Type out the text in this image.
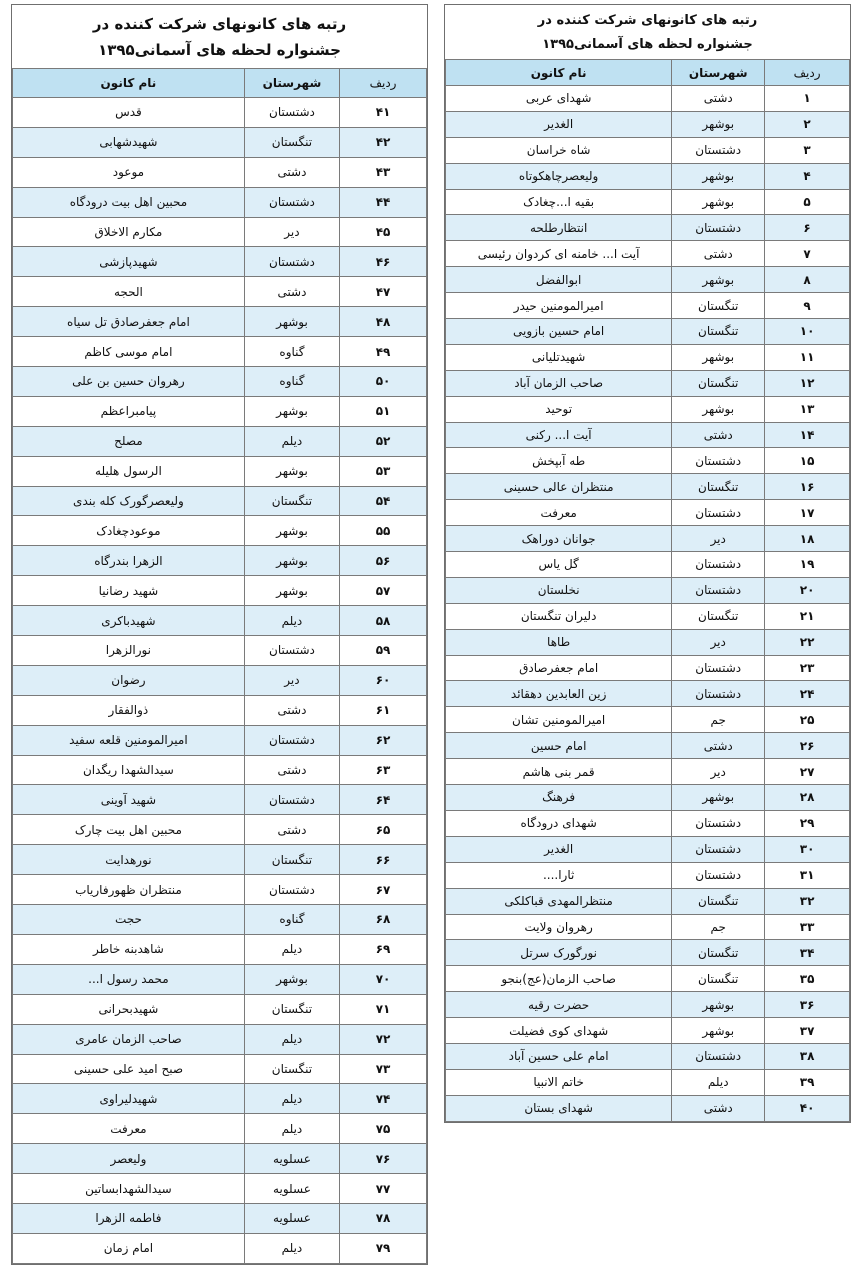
رتبه های کانونهای شرکت کننده در
جشنواره لحظه های آسمانی۱۳۹۵
ردیف	شهرستان	نام کانون
۱	دشتی	شهدای عربی
۲	بوشهر	الغدیر
۳	دشتستان	شاه خراسان
۴	بوشهر	ولیعصرچاهکوتاه
۵	بوشهر	بقیه ا...چغادک
۶	دشتستان	انتظارطلحه
۷	دشتی	آیت ا... خامنه ای کردوان رئیسی
۸	بوشهر	ابوالفضل
۹	تنگستان	امیرالمومنین حیدر
۱۰	تنگستان	امام حسین بازویی
۱۱	بوشهر	شهیدتلیانی
۱۲	تنگستان	صاحب الزمان آباد
۱۳	بوشهر	توحید
۱۴	دشتی	آیت ا... رکنی
۱۵	دشتستان	طه آبپخش
۱۶	تنگستان	منتظران عالی حسینی
۱۷	دشتستان	معرفت
۱۸	دیر	جوانان دوراهک
۱۹	دشتستان	گل یاس
۲۰	دشتستان	نخلستان
۲۱	تنگستان	دلیران تنگستان
۲۲	دیر	طاها
۲۳	دشتستان	امام جعفرصادق
۲۴	دشتستان	زین العابدین دهقائد
۲۵	جم	امیرالمومنین تشان
۲۶	دشتی	امام حسین
۲۷	دیر	قمر بنی هاشم
۲۸	بوشهر	فرهنگ
۲۹	دشتستان	شهدای درودگاه
۳۰	دشتستان	الغدیر
۳۱	دشتستان	ثارا....
۳۲	تنگستان	منتظرالمهدی قباکلکی
۳۳	جم	رهروان ولایت
۳۴	تنگستان	نورگورک سرتل
۳۵	تنگستان	صاحب الزمان(عج)بنجو
۳۶	بوشهر	حضرت رقیه
۳۷	بوشهر	شهدای کوی فضیلت
۳۸	دشتستان	امام علی حسین آباد
۳۹	دیلم	خاتم الانبیا
۴۰	دشتی	شهدای بستان
رتبه های کانونهای شرکت کننده در
جشنواره لحظه های آسمانی۱۳۹۵
ردیف	شهرستان	نام کانون
۴۱	دشتستان	قدس
۴۲	تنگستان	شهیدشهابی
۴۳	دشتی	موعود
۴۴	دشتستان	محبین اهل بیت درودگاه
۴۵	دیر	مکارم الاخلاق
۴۶	دشتستان	شهیدپازشی
۴۷	دشتی	الحجه
۴۸	بوشهر	امام جعفرصادق تل سیاه
۴۹	گناوه	امام موسی کاظم
۵۰	گناوه	رهروان حسین بن علی
۵۱	بوشهر	پیامبراعظم
۵۲	دیلم	مصلح
۵۳	بوشهر	الرسول هلیله
۵۴	تنگستان	ولیعصرگورک کله بندی
۵۵	بوشهر	موعودچغادک
۵۶	بوشهر	الزهرا بندرگاه
۵۷	بوشهر	شهید رضانیا
۵۸	دیلم	شهیدباکری
۵۹	دشتستان	نورالزهرا
۶۰	دیر	رضوان
۶۱	دشتی	ذوالفقار
۶۲	دشتستان	امیرالمومنین قلعه سفید
۶۳	دشتی	سیدالشهدا ریگدان
۶۴	دشتستان	شهید آوینی
۶۵	دشتی	محبین اهل بیت چارک
۶۶	تنگستان	نورهدایت
۶۷	دشتستان	منتظران ظهورفاریاب
۶۸	گناوه	حجت
۶۹	دیلم	شاهدبنه خاطر
۷۰	بوشهر	محمد رسول ا...
۷۱	تنگستان	شهیدبحرانی
۷۲	دیلم	صاحب الزمان عامری
۷۳	تنگستان	صبح امید علی حسینی
۷۴	دیلم	شهیدلیراوی
۷۵	دیلم	معرفت
۷۶	عسلویه	ولیعصر
۷۷	عسلویه	سیدالشهدابساتین
۷۸	عسلویه	فاطمه الزهرا
۷۹	دیلم	امام زمان
